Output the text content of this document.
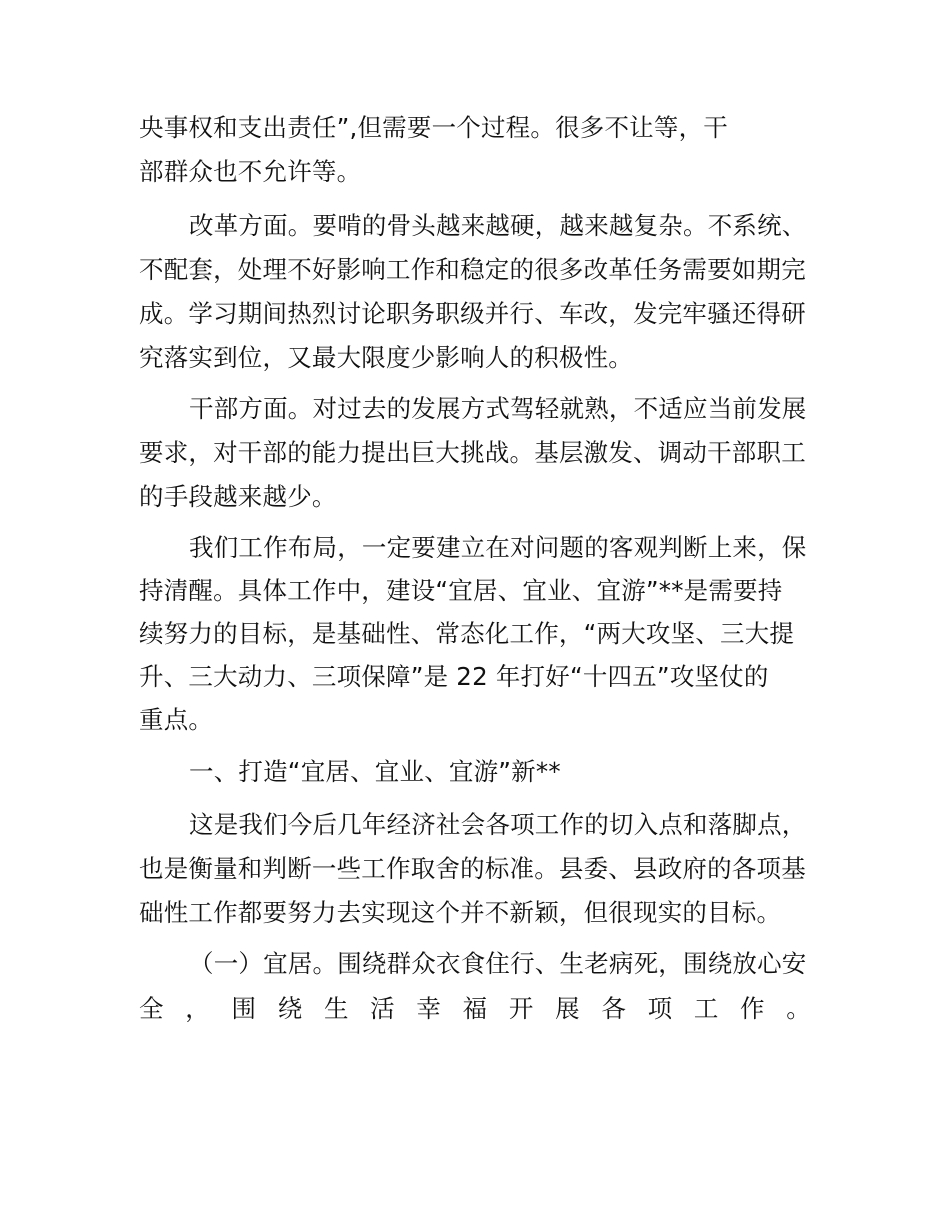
央事权和支出责任”,但需要一个过程。很多不让等，干
部群众也不允许等。
改革方面。要啃的骨头越来越硬，越来越复杂。不系统、
不配套，处理不好影响工作和稳定的很多改革任务需要如期完
成。学习期间热烈讨论职务职级并行、车改，发完牢骚还得研
究落实到位，又最大限度少影响人的积极性。
干部方面。对过去的发展方式驾轻就熟，不适应当前发展
要求，对干部的能力提出巨大挑战。基层激发、调动干部职工
的手段越来越少。
我们工作布局，一定要建立在对问题的客观判断上来，保
持清醒。具体工作中，建设“宜居、宜业、宜游”**是需要持
续努力的目标，是基础性、常态化工作，“两大攻坚、三大提
升、三大动力、三项保障”是 22 年打好“十四五”攻坚仗的
重点。
一、打造“宜居、宜业、宜游”新**
这是我们今后几年经济社会各项工作的切入点和落脚点，
也是衡量和判断一些工作取舍的标准。县委、县政府的各项基
础性工作都要努力去实现这个并不新颖，但很现实的目标。
（一）宜居。围绕群众衣食住行、生老病死，围绕放心安
全 ， 围 绕 生 活 幸 福 开 展 各 项 工 作 。
